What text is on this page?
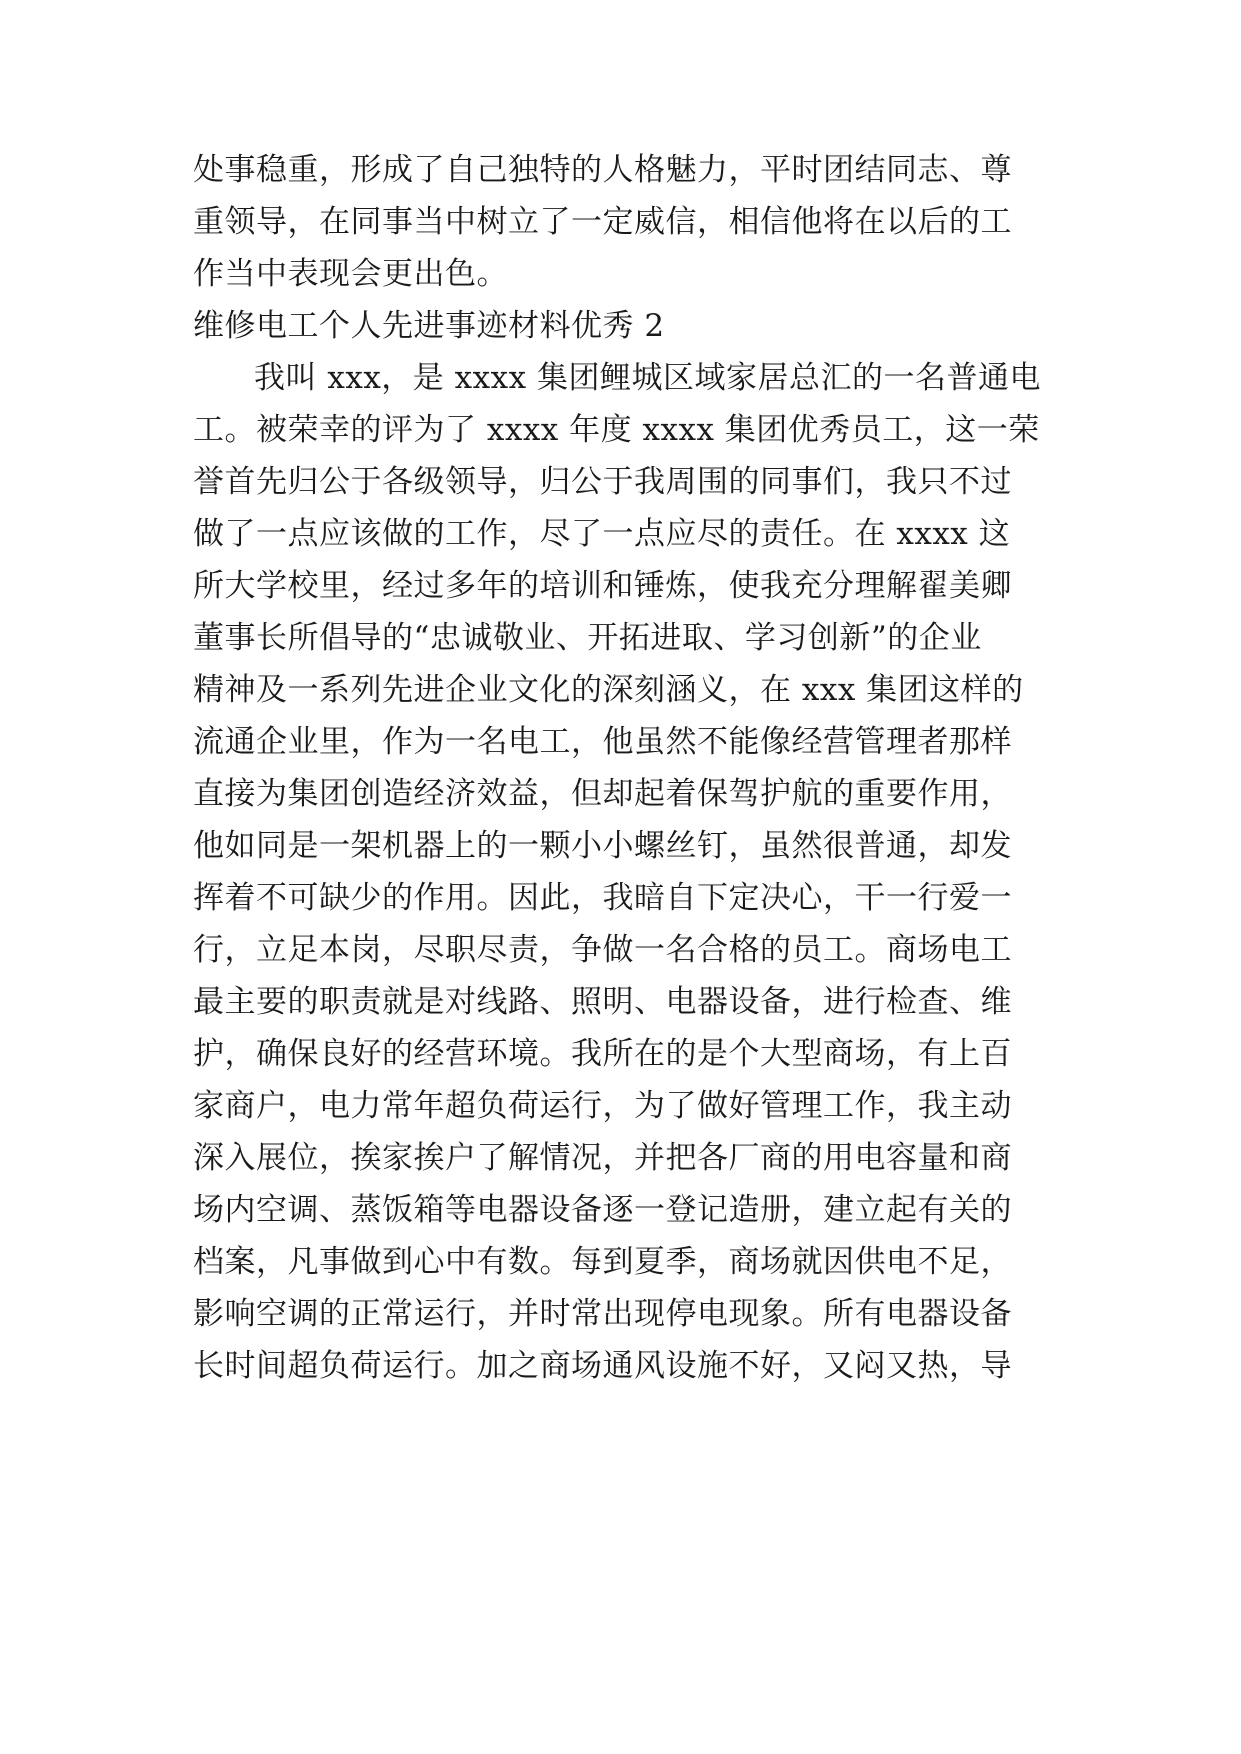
处事稳重，形成了自己独特的人格魅力，平时团结同志、尊
重领导，在同事当中树立了一定威信，相信他将在以后的工
作当中表现会更出色。
维修电工个人先进事迹材料优秀 2
我叫 xxx，是 xxxx 集团鲤城区域家居总汇的一名普通电
工。被荣幸的评为了 xxxx 年度 xxxx 集团优秀员工，这一荣
誉首先归公于各级领导，归公于我周围的同事们，我只不过
做了一点应该做的工作，尽了一点应尽的责任。在 xxxx 这
所大学校里，经过多年的培训和锤炼，使我充分理解翟美卿
董事长所倡导的“忠诚敬业、开拓进取、学习创新”的企业
精神及一系列先进企业文化的深刻涵义，在 xxx 集团这样的
流通企业里，作为一名电工，他虽然不能像经营管理者那样
直接为集团创造经济效益，但却起着保驾护航的重要作用，
他如同是一架机器上的一颗小小螺丝钉，虽然很普通，却发
挥着不可缺少的作用。因此，我暗自下定决心，干一行爱一
行，立足本岗，尽职尽责，争做一名合格的员工。商场电工
最主要的职责就是对线路、照明、电器设备，进行检查、维
护，确保良好的经营环境。我所在的是个大型商场，有上百
家商户，电力常年超负荷运行，为了做好管理工作，我主动
深入展位，挨家挨户了解情况，并把各厂商的用电容量和商
场内空调、蒸饭箱等电器设备逐一登记造册，建立起有关的
档案，凡事做到心中有数。每到夏季，商场就因供电不足，
影响空调的正常运行，并时常出现停电现象。所有电器设备
长时间超负荷运行。加之商场通风设施不好，又闷又热，导
